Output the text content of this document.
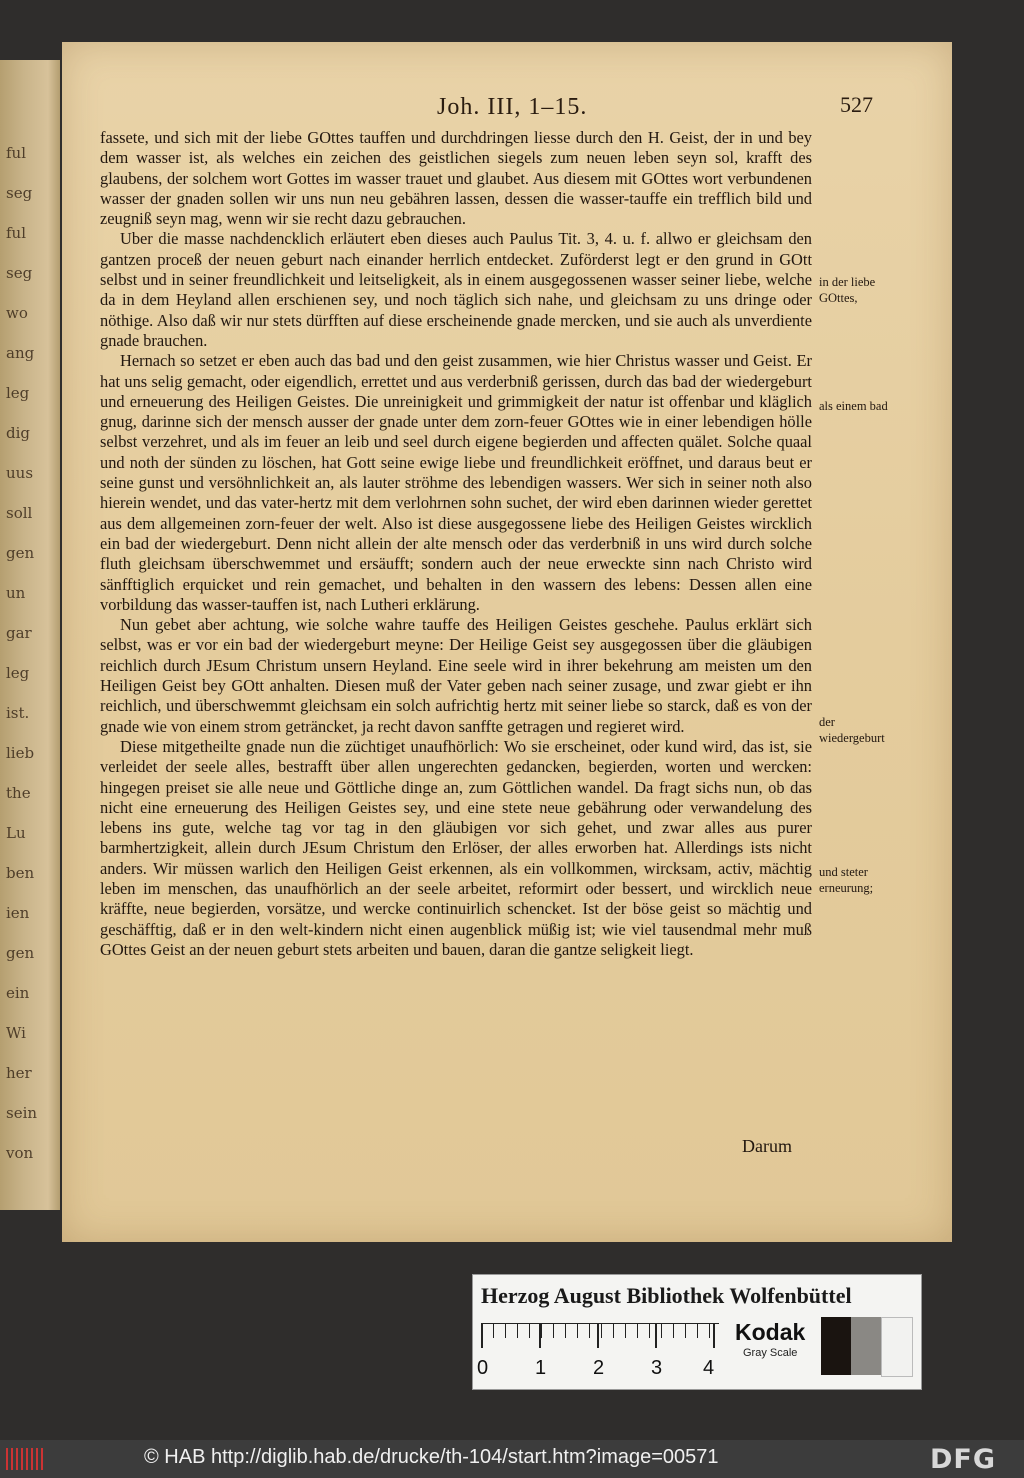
ful
seg
ful
seg
wo
ang
leg
dig
uus
soll
gen
un
gar
leg
ist.
lieb
the
Lu
ben
ien
gen
ein
Wi
her
sein
von
Joh. III, 1–15.	527

fassete, und sich mit der liebe GOttes tauffen und durchdringen liesse durch den H. Geist, der in und bey dem wasser ist, als welches ein zeichen des geistlichen siegels zum neuen leben seyn sol, krafft des glaubens, der solchem wort Gottes im wasser trauet und glaubet. Aus diesem mit GOttes wort verbundenen wasser der gnaden sollen wir uns nun neu gebähren lassen, dessen die wasser-tauffe ein trefflich bild und zeugniß seyn mag, wenn wir sie recht dazu gebrauchen.

Uber die masse nachdencklich erläutert eben dieses auch Paulus Tit. 3, 4. u. f. allwo er gleichsam den gantzen proceß der neuen geburt nach einander herrlich entdecket. Zuförderst legt er den grund in GOtt selbst und in seiner freundlichkeit und leitseligkeit, als in einem ausgegossenen wasser seiner liebe, welche da in dem Heyland allen erschienen sey, und noch täglich sich nahe, und gleichsam zu uns dringe oder nöthige. Also daß wir nur stets dürfften auf diese erscheinende gnade mercken, und sie auch als unverdiente gnade brauchen.

Hernach so setzet er eben auch das bad und den geist zusammen, wie hier Christus wasser und Geist. Er hat uns selig gemacht, oder eigendlich, errettet und aus verderbniß gerissen, durch das bad der wiedergeburt und erneuerung des Heiligen Geistes. Die unreinigkeit und grimmigkeit der natur ist offenbar und kläglich gnug, darinne sich der mensch ausser der gnade unter dem zorn-feuer GOttes wie in einer lebendigen hölle selbst verzehret, und als im feuer an leib und seel durch eigene begierden und affecten quälet. Solche quaal und noth der sünden zu löschen, hat Gott seine ewige liebe und freundlichkeit eröffnet, und daraus beut er seine gunst und versöhnlichkeit an, als lauter ströhme des lebendigen wassers. Wer sich in seiner noth also hierein wendet, und das vater-hertz mit dem verlohrnen sohn suchet, der wird eben darinnen wieder gerettet aus dem allgemeinen zorn-feuer der welt. Also ist diese ausgegossene liebe des Heiligen Geistes wircklich ein bad der wiedergeburt. Denn nicht allein der alte mensch oder das verderbniß in uns wird durch solche fluth gleichsam überschwemmet und ersäufft; sondern auch der neue erweckte sinn nach Christo wird sänfftiglich erquicket und rein gemachet, und behalten in den wassern des lebens: Dessen allen eine vorbildung das wasser-tauffen ist, nach Lutheri erklärung.

Nun gebet aber achtung, wie solche wahre tauffe des Heiligen Geistes geschehe. Paulus erklärt sich selbst, was er vor ein bad der wiedergeburt meyne: Der Heilige Geist sey ausgegossen über die gläubigen reichlich durch JEsum Christum unsern Heyland. Eine seele wird in ihrer bekehrung am meisten um den Heiligen Geist bey GOtt anhalten. Diesen muß der Vater geben nach seiner zusage, und zwar giebt er ihn reichlich, und überschwemmt gleichsam ein solch aufrichtig hertz mit seiner liebe so starck, daß es von der gnade wie von einem strom geträncket, ja recht davon sanffte getragen und regieret wird.

Diese mitgetheilte gnade nun die züchtiget unaufhörlich: Wo sie erscheinet, oder kund wird, das ist, sie verleidet der seele alles, bestrafft über allen ungerechten gedancken, begierden, worten und wercken: hingegen preiset sie alle neue und Göttliche dinge an, zum Göttlichen wandel. Da fragt sichs nun, ob das nicht eine erneuerung des Heiligen Geistes sey, und eine stete neue gebährung oder verwandelung des lebens ins gute, welche tag vor tag in den gläubigen vor sich gehet, und zwar alles aus purer barmhertzigkeit, allein durch JEsum Christum den Erlöser, der alles erworben hat. Allerdings ists nicht anders. Wir müssen warlich den Heiligen Geist erkennen, als ein vollkommen, wircksam, activ, mächtig leben im menschen, das unaufhörlich an der seele arbeitet, reformirt oder bessert, und wircklich neue kräffte, neue begierden, vorsätze, und wercke continuirlich schencket. Ist der böse geist so mächtig und geschäfftig, daß er in den welt-kindern nicht einen augenblick müßig ist; wie viel tausendmal mehr muß GOttes Geist an der neuen geburt stets arbeiten und bauen, daran die gantze seligkeit liegt.

in der liebe GOttes,
als einem bad
der wiedergeburt
und steter erneurung;
Darum
Herzog August Bibliothek Wolfenbüttel
0 1 2 3 4
Kodak
Gray Scale
© HAB http://diglib.hab.de/drucke/th-104/start.htm?image=00571	DFG
